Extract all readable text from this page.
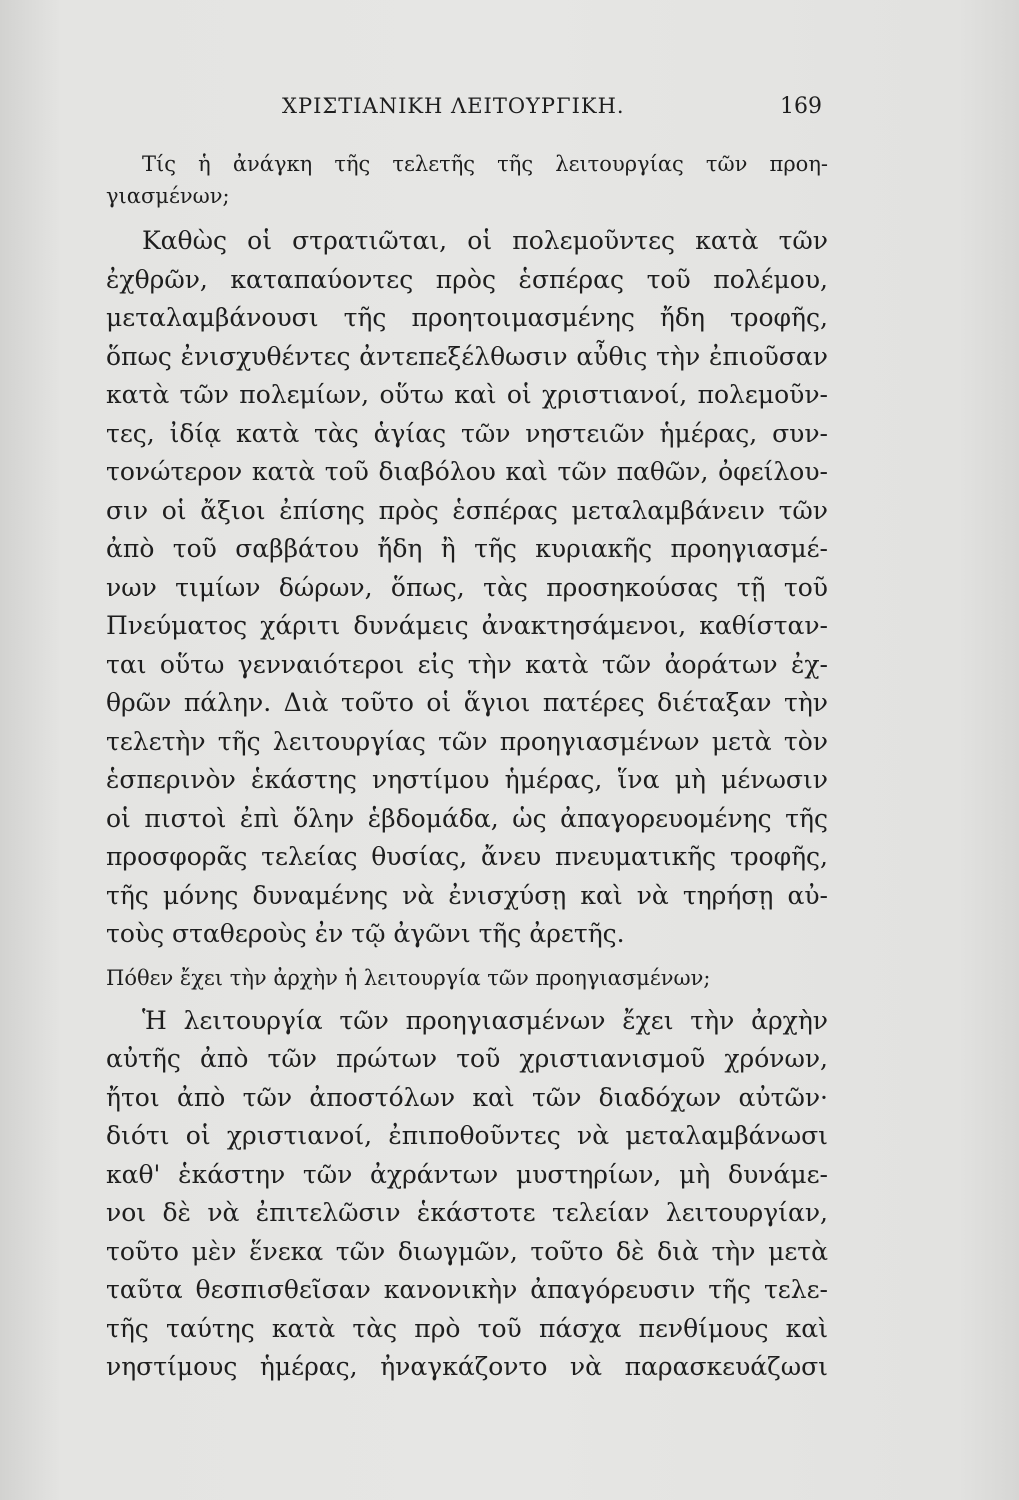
ΧΡΙΣΤΙΑΝΙΚΗ ΛΕΙΤΟΥΡΓΙΚΗ.	169
Τίς ἡ ἀνάγκη τῆς τελετῆς τῆς λειτουργίας τῶν προη-
γιασμένων;
Καθὼς οἱ στρατιῶται, οἱ πολεμοῦντες κατὰ τῶν
ἐχθρῶν, καταπαύοντες πρὸς ἑσπέρας τοῦ πολέμου,
μεταλαμβάνουσι τῆς προητοιμασμένης ἤδη τροφῆς,
ὅπως ἐνισχυθέντες ἀντεπεξέλθωσιν αὖθις τὴν ἐπιοῦσαν
κατὰ τῶν πολεμίων, οὕτω καὶ οἱ χριστιανοί, πολεμοῦν-
τες, ἰδίᾳ κατὰ τὰς ἁγίας τῶν νηστειῶν ἡμέρας, συν-
τονώτερον κατὰ τοῦ διαβόλου καὶ τῶν παθῶν, ὀφείλου-
σιν οἱ ἄξιοι ἐπίσης πρὸς ἑσπέρας μεταλαμβάνειν τῶν
ἀπὸ τοῦ σαββάτου ἤδη ἢ τῆς κυριακῆς προηγιασμέ-
νων τιμίων δώρων, ὅπως, τὰς προσηκούσας τῇ τοῦ
Πνεύματος χάριτι δυνάμεις ἀνακτησάμενοι, καθίσταν-
ται οὕτω γενναιότεροι εἰς τὴν κατὰ τῶν ἀοράτων ἐχ-
θρῶν πάλην. Διὰ τοῦτο οἱ ἅγιοι πατέρες διέταξαν τὴν
τελετὴν τῆς λειτουργίας τῶν προηγιασμένων μετὰ τὸν
ἑσπερινὸν ἑκάστης νηστίμου ἡμέρας, ἵνα μὴ μένωσιν
οἱ πιστοὶ ἐπὶ ὅλην ἑβδομάδα, ὡς ἀπαγορευομένης τῆς
προσφορᾶς τελείας θυσίας, ἄνευ πνευματικῆς τροφῆς,
τῆς μόνης δυναμένης νὰ ἐνισχύσῃ καὶ νὰ τηρήσῃ αὐ-
τοὺς σταθεροὺς ἐν τῷ ἀγῶνι τῆς ἀρετῆς.
Πόθεν ἔχει τὴν ἀρχὴν ἡ λειτουργία τῶν προηγιασμένων;
Ἡ λειτουργία τῶν προηγιασμένων ἔχει τὴν ἀρχὴν
αὐτῆς ἀπὸ τῶν πρώτων τοῦ χριστιανισμοῦ χρόνων,
ἤτοι ἀπὸ τῶν ἀποστόλων καὶ τῶν διαδόχων αὐτῶν·
διότι οἱ χριστιανοί, ἐπιποθοῦντες νὰ μεταλαμβάνωσι
καθ' ἑκάστην τῶν ἀχράντων μυστηρίων, μὴ δυνάμε-
νοι δὲ νὰ ἐπιτελῶσιν ἑκάστοτε τελείαν λειτουργίαν,
τοῦτο μὲν ἕνεκα τῶν διωγμῶν, τοῦτο δὲ διὰ τὴν μετὰ
ταῦτα θεσπισθεῖσαν κανονικὴν ἀπαγόρευσιν τῆς τελε-
τῆς ταύτης κατὰ τὰς πρὸ τοῦ πάσχα πενθίμους καὶ
νηστίμους ἡμέρας, ἠναγκάζοντο νὰ παρασκευάζωσι
